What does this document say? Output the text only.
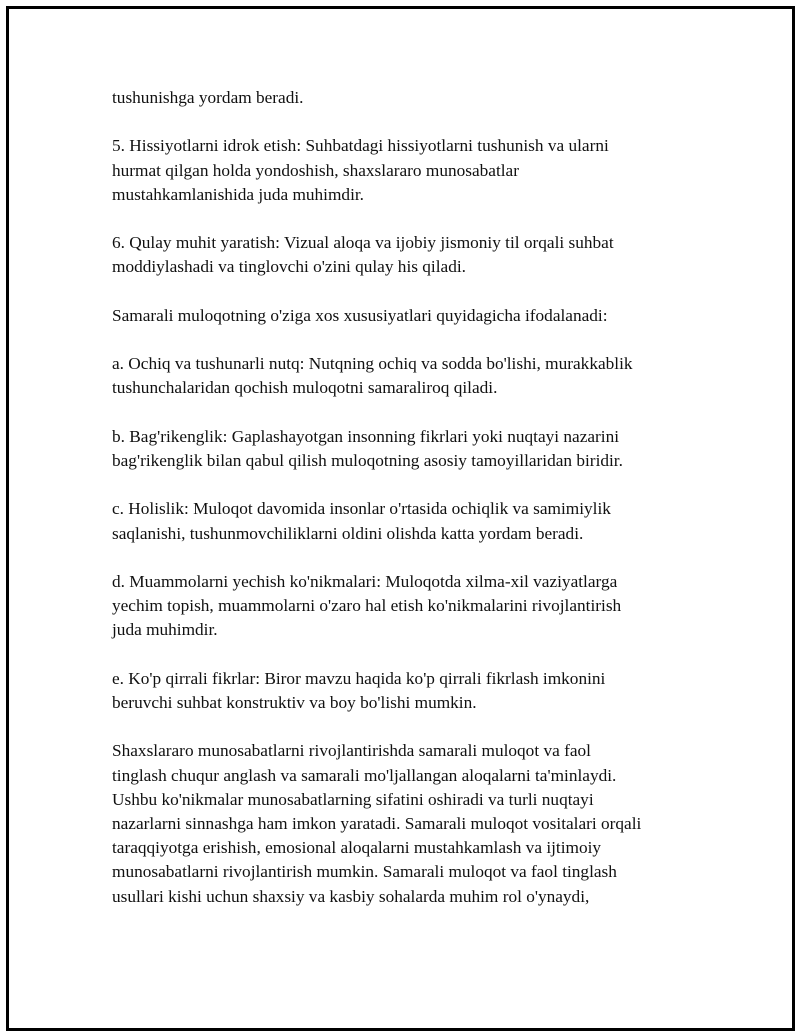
tushunishga yordam beradi.

5. Hissiyotlarni idrok etish: Suhbatdagi hissiyotlarni tushunish va ularni
hurmat qilgan holda yondoshish, shaxslararo munosabatlar
mustahkamlanishida juda muhimdir.

6. Qulay muhit yaratish: Vizual aloqa va ijobiy jismoniy til orqali suhbat
moddiylashadi va tinglovchi o'zini qulay his qiladi.

Samarali muloqotning o'ziga xos xususiyatlari quyidagicha ifodalanadi:

a. Ochiq va tushunarli nutq: Nutqning ochiq va sodda bo'lishi, murakkablik
tushunchalaridan qochish muloqotni samaraliroq qiladi.

b. Bag'rikenglik: Gaplashayotgan insonning fikrlari yoki nuqtayi nazarini
bag'rikenglik bilan qabul qilish muloqotning asosiy tamoyillaridan biridir.

c. Holislik: Muloqot davomida insonlar o'rtasida ochiqlik va samimiylik
saqlanishi, tushunmovchiliklarni oldini olishda katta yordam beradi.

d. Muammolarni yechish ko'nikmalari: Muloqotda xilma-xil vaziyatlarga
yechim topish, muammolarni o'zaro hal etish ko'nikmalarini rivojlantirish
juda muhimdir.

e. Ko'p qirrali fikrlar: Biror mavzu haqida ko'p qirrali fikrlash imkonini
beruvchi suhbat konstruktiv va boy bo'lishi mumkin.

Shaxslararo munosabatlarni rivojlantirishda samarali muloqot va faol
tinglash chuqur anglash va samarali mo'ljallangan aloqalarni ta'minlaydi.
Ushbu ko'nikmalar munosabatlarning sifatini oshiradi va turli nuqtayi
nazarlarni sinnashga ham imkon yaratadi. Samarali muloqot vositalari orqali
taraqqiyotga erishish, emosional aloqalarni mustahkamlash va ijtimoiy
munosabatlarni rivojlantirish mumkin. Samarali muloqot va faol tinglash
usullari kishi uchun shaxsiy va kasbiy sohalarda muhim rol o'ynaydi,
